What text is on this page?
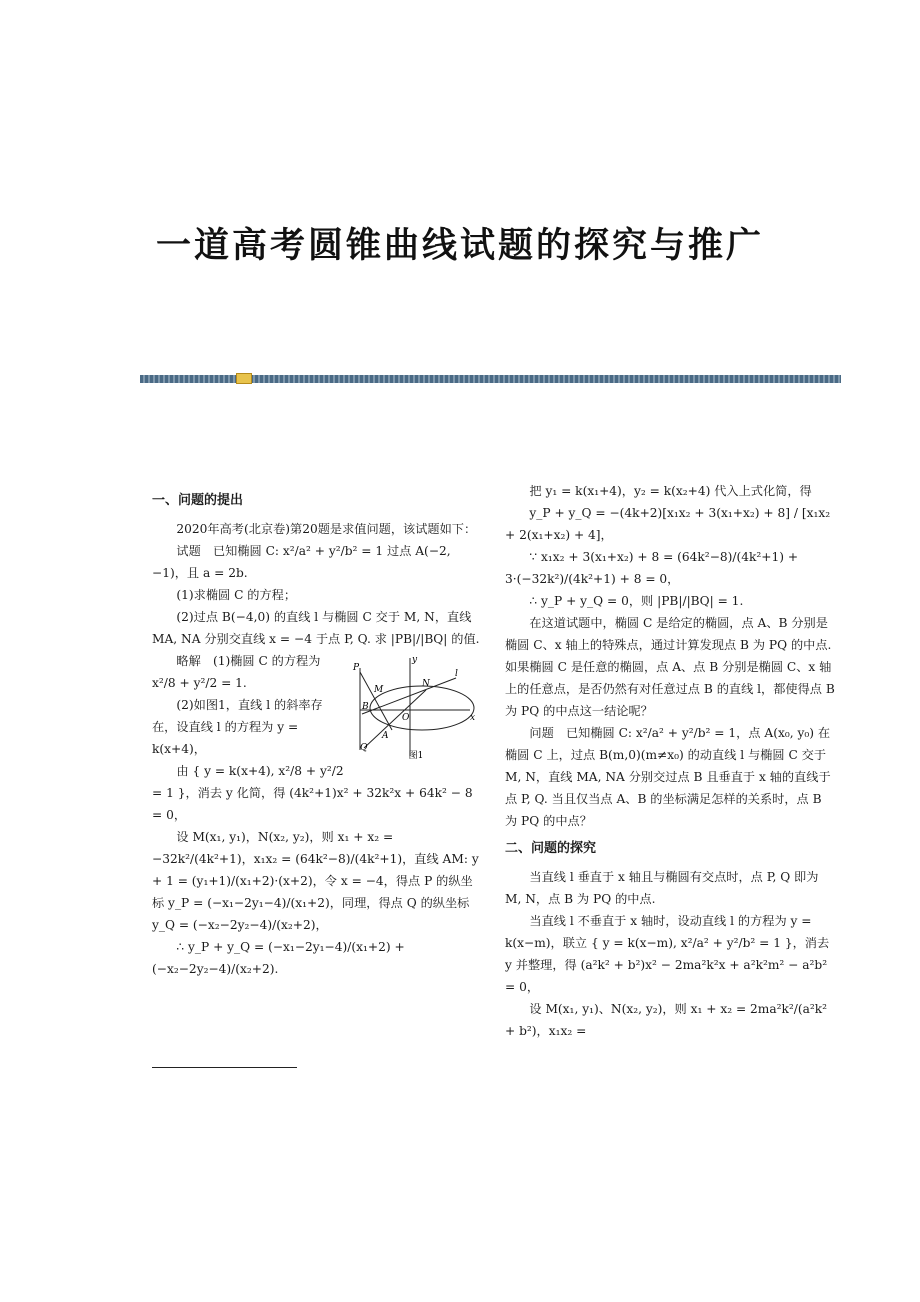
一道高考圆锥曲线试题的探究与推广

一、问题的提出

2020年高考(北京卷)第20题是求值问题，该试题如下：

试题　已知椭圆 C: x²/a² + y²/b² = 1 过点 A(−2, −1)，且 a = 2b.

(1)求椭圆 C 的方程；

(2)过点 B(−4,0) 的直线 l 与椭圆 C 交于 M, N，直线 MA, NA 分别交直线 x = −4 于点 P, Q. 求 |PB|/|BQ| 的值.

y
P
M
N
l
B
O	x
A
Q
图1

略解　(1)椭圆 C 的方程为 x²/8 + y²/2 = 1.

(2)如图1，直线 l 的斜率存在，设直线 l 的方程为 y = k(x+4)，

由 { y = k(x+4), x²/8 + y²/2 = 1 }，消去 y 化简，得 (4k²+1)x² + 32k²x + 64k² − 8 = 0，

设 M(x₁, y₁)，N(x₂, y₂)，则 x₁ + x₂ = −32k²/(4k²+1)，x₁x₂ = (64k²−8)/(4k²+1)，直线 AM: y + 1 = (y₁+1)/(x₁+2)·(x+2)，令 x = −4，得点 P 的纵坐标 y_P = (−x₁−2y₁−4)/(x₁+2)，同理，得点 Q 的纵坐标 y_Q = (−x₂−2y₂−4)/(x₂+2)，

∴ y_P + y_Q = (−x₁−2y₁−4)/(x₁+2) + (−x₂−2y₂−4)/(x₂+2).

把 y₁ = k(x₁+4)，y₂ = k(x₂+4) 代入上式化简，得

y_P + y_Q = −(4k+2)[x₁x₂ + 3(x₁+x₂) + 8] / [x₁x₂ + 2(x₁+x₂) + 4]，

∵ x₁x₂ + 3(x₁+x₂) + 8 = (64k²−8)/(4k²+1) + 3·(−32k²)/(4k²+1) + 8 = 0，

∴ y_P + y_Q = 0，则 |PB|/|BQ| = 1.

在这道试题中，椭圆 C 是给定的椭圆，点 A、B 分别是椭圆 C、x 轴上的特殊点，通过计算发现点 B 为 PQ 的中点. 如果椭圆 C 是任意的椭圆，点 A、点 B 分别是椭圆 C、x 轴上的任意点，是否仍然有对任意过点 B 的直线 l，都使得点 B 为 PQ 的中点这一结论呢？

问题　已知椭圆 C: x²/a² + y²/b² = 1，点 A(x₀, y₀) 在椭圆 C 上，过点 B(m,0)(m≠x₀) 的动直线 l 与椭圆 C 交于 M, N，直线 MA, NA 分别交过点 B 且垂直于 x 轴的直线于点 P, Q. 当且仅当点 A、B 的坐标满足怎样的关系时，点 B 为 PQ 的中点？

二、问题的探究

当直线 l 垂直于 x 轴且与椭圆有交点时，点 P, Q 即为 M, N，点 B 为 PQ 的中点.

当直线 l 不垂直于 x 轴时，设动直线 l 的方程为 y = k(x−m)，联立 { y = k(x−m), x²/a² + y²/b² = 1 }，消去 y 并整理，得 (a²k² + b²)x² − 2ma²k²x + a²k²m² − a²b² = 0，

设 M(x₁, y₁)、N(x₂, y₂)，则 x₁ + x₂ = 2ma²k²/(a²k² + b²)，x₁x₂ =
